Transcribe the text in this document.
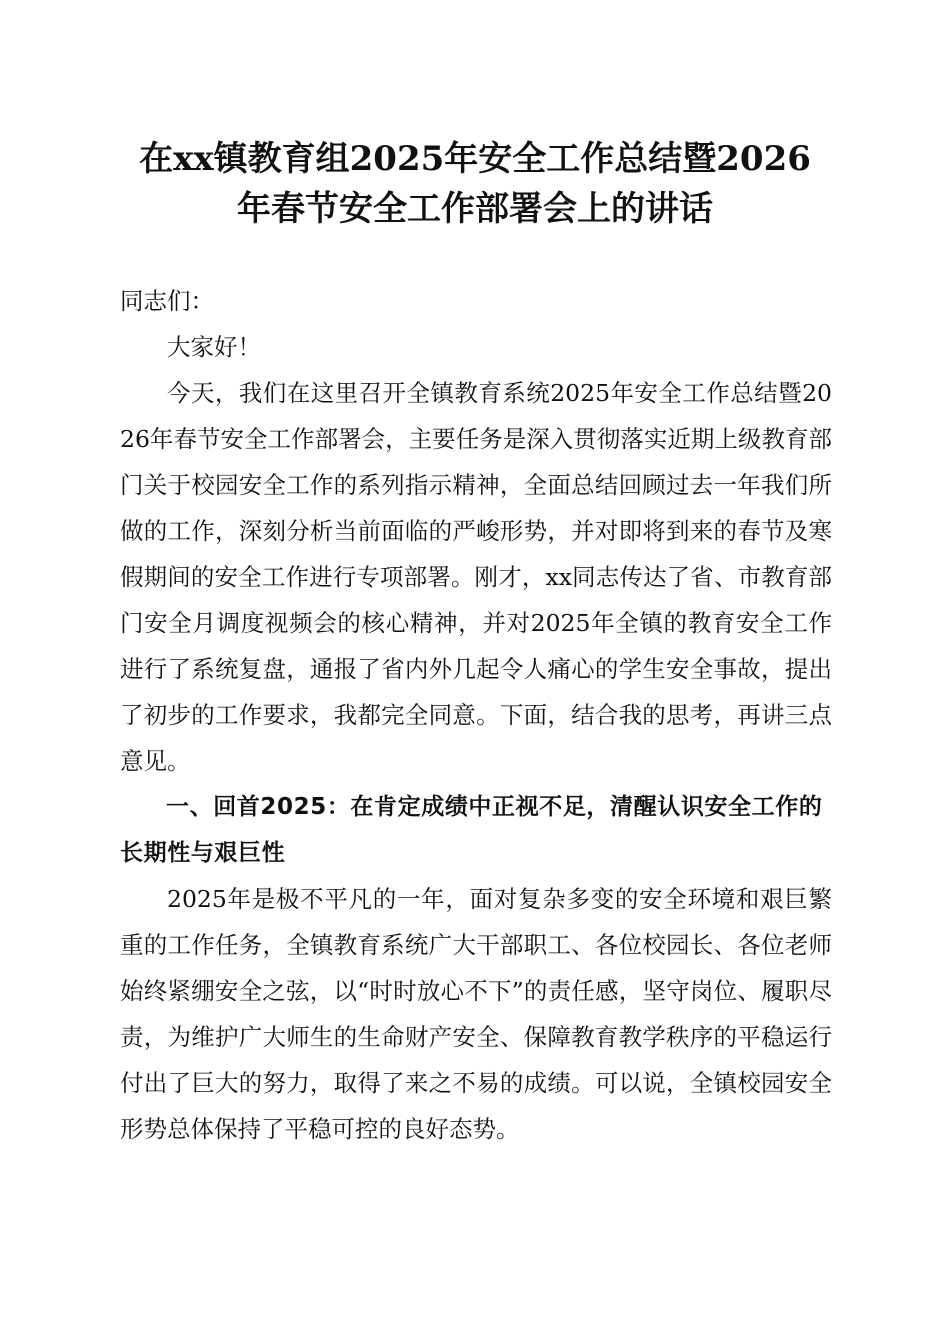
在xx镇教育组2025年安全工作总结暨2026
年春节安全工作部署会上的讲话

同志们：

大家好！

今天，我们在这里召开全镇教育系统2025年安全工作总结暨2026年春节安全工作部署会，主要任务是深入贯彻落实近期上级教育部门关于校园安全工作的系列指示精神，全面总结回顾过去一年我们所做的工作，深刻分析当前面临的严峻形势，并对即将到来的春节及寒假期间的安全工作进行专项部署。刚才，xx同志传达了省、市教育部门安全月调度视频会的核心精神，并对2025年全镇的教育安全工作进行了系统复盘，通报了省内外几起令人痛心的学生安全事故，提出了初步的工作要求，我都完全同意。下面，结合我的思考，再讲三点意见。

一、回首2025：在肯定成绩中正视不足，清醒认识安全工作的长期性与艰巨性

2025年是极不平凡的一年，面对复杂多变的安全环境和艰巨繁重的工作任务，全镇教育系统广大干部职工、各位校园长、各位老师始终紧绷安全之弦，以“时时放心不下”的责任感，坚守岗位、履职尽责，为维护广大师生的生命财产安全、保障教育教学秩序的平稳运行付出了巨大的努力，取得了来之不易的成绩。可以说，全镇校园安全形势总体保持了平稳可控的良好态势。
